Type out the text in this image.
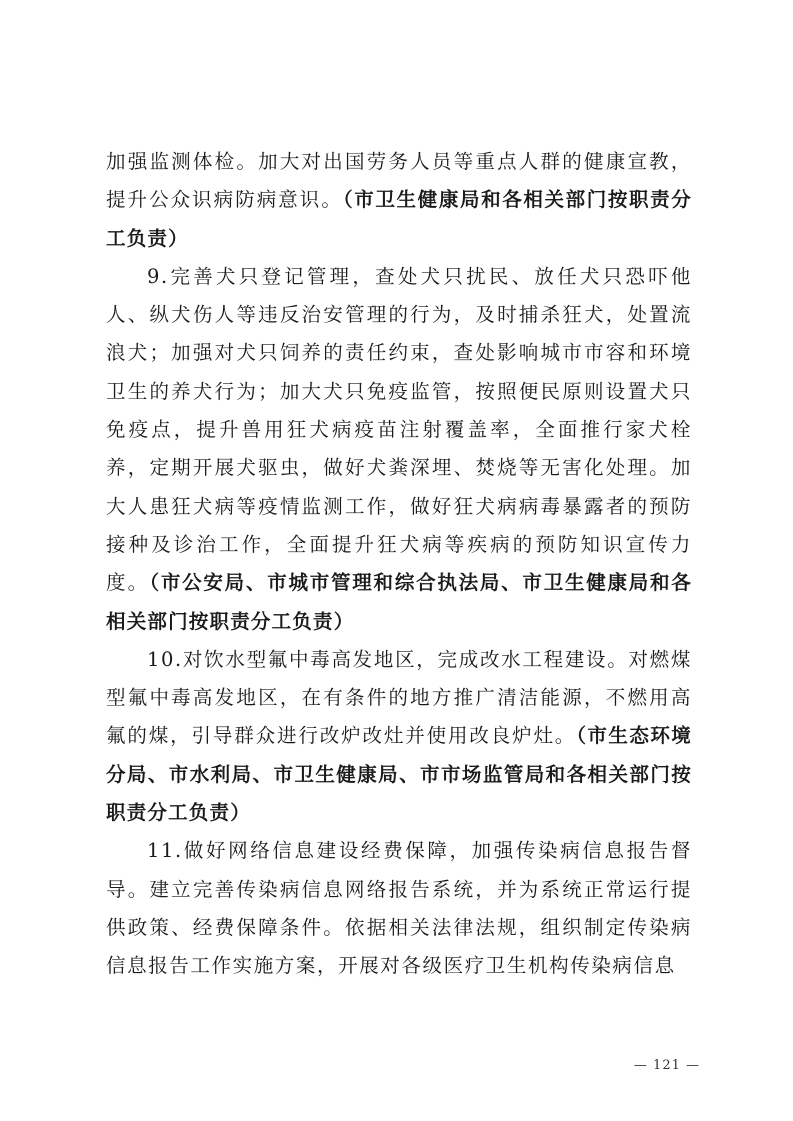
加强监测体检。加大对出国劳务人员等重点人群的健康宣教，提升公众识病防病意识。（市卫生健康局和各相关部门按职责分工负责）

9.完善犬只登记管理，查处犬只扰民、放任犬只恐吓他人、纵犬伤人等违反治安管理的行为，及时捕杀狂犬，处置流浪犬；加强对犬只饲养的责任约束，查处影响城市市容和环境卫生的养犬行为；加大犬只免疫监管，按照便民原则设置犬只免疫点，提升兽用狂犬病疫苗注射覆盖率，全面推行家犬栓养，定期开展犬驱虫，做好犬粪深埋、焚烧等无害化处理。加大人患狂犬病等疫情监测工作，做好狂犬病病毒暴露者的预防接种及诊治工作，全面提升狂犬病等疾病的预防知识宣传力度。（市公安局、市城市管理和综合执法局、市卫生健康局和各相关部门按职责分工负责）

10.对饮水型氟中毒高发地区，完成改水工程建设。对燃煤型氟中毒高发地区，在有条件的地方推广清洁能源，不燃用高氟的煤，引导群众进行改炉改灶并使用改良炉灶。（市生态环境分局、市水利局、市卫生健康局、市市场监管局和各相关部门按职责分工负责）

11.做好网络信息建设经费保障，加强传染病信息报告督导。建立完善传染病信息网络报告系统，并为系统正常运行提供政策、经费保障条件。依据相关法律法规，组织制定传染病信息报告工作实施方案，开展对各级医疗卫生机构传染病信息

— 121 —
